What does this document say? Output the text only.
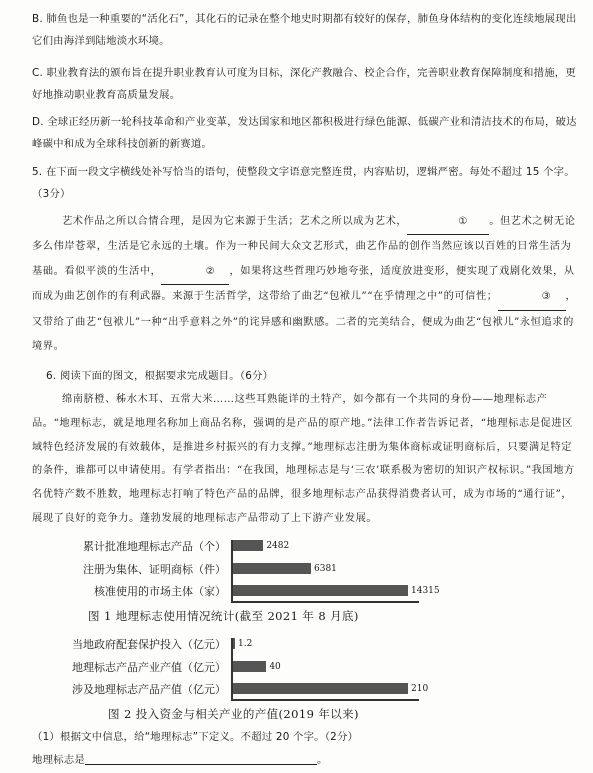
B. 肺鱼也是一种重要的“活化石”，其化石的记录在整个地史时期都有较好的保存，肺鱼身体结构的变化连续地展现出它们由海洋到陆地淡水环境。
C. 职业教育法的颁布旨在提升职业教育认可度为目标，深化产教融合、校企合作，完善职业教育保障制度和措施，更好地推动职业教育高质量发展。
D. 全球正经历新一轮科技革命和产业变革，发达国家和地区都积极进行绿色能源、低碳产业和清洁技术的布局，破达峰碳中和成为全球科技创新的新赛道。
5. 在下面一段文字横线处补写恰当的语句，使整段文字语意完整连贯，内容贴切，逻辑严密。每处不超过 15 个字。（3分）
艺术作品之所以合情合理，是因为它来源于生活；艺术之所以成为艺术，	① 。但艺术之树无论多么伟岸苍翠，生活是它永远的土壤。作为一种民间大众文艺形式，曲艺作品的创作当然应该以百姓的日常生活为基础。看似平淡的生活中，	② ，如果将这些哲理巧妙地夸张，适度放进变形，便实现了戏剧化效果，从而成为曲艺创作的有利武器。来源于生活哲学，这带给了曲艺“包袱儿”“在乎情理之中”的可信性；	③ ，又带给了曲艺“包袱儿”一种“出乎意料之外”的诧异感和幽默感。二者的完美结合，便成为曲艺“包袱儿”永恒追求的境界。
6. 阅读下面的图文，根据要求完成题目。（6分）
绵南脐橙、秭水木耳、五常大米……这些耳熟能详的土特产，如今都有一个共同的身份——地理标志产品。“地理标志，就是地理名称加上商品名称，强调的是产品的原产地。”法律工作者告诉记者，“地理标志是促进区域特色经济发展的有效载体，是推进乡村振兴的有力支撑。”地理标志注册为集体商标或证明商标后，只要满足特定的条件，谁都可以申请使用。有学者指出：“在我国，地理标志是与‘三农’联系极为密切的知识产权标识。”我国地方名优特产数不胜数，地理标志打响了特色产品的品牌，很多地理标志产品获得消费者认可，成为市场的“通行证”，展现了良好的竞争力。蓬勃发展的地理标志产品带动了上下游产业发展。
累计批准地理标志产品（个）
注册为集体、证明商标（件）
核准使用的市场主体（家）
2482
6381
14315
图 1 地理标志使用情况统计(截至 2021 年 8 月底)
当地政府配套保护投入（亿元）
地理标志产品产业产值（亿元）
涉及地理标志产品产值（亿元）
1.2
40
210
图 2 投入资金与相关产业的产值(2019 年以来)
（1）根据文中信息，给“地理标志”下定义。不超过 20 个字。（2分）
地理标志是	。
